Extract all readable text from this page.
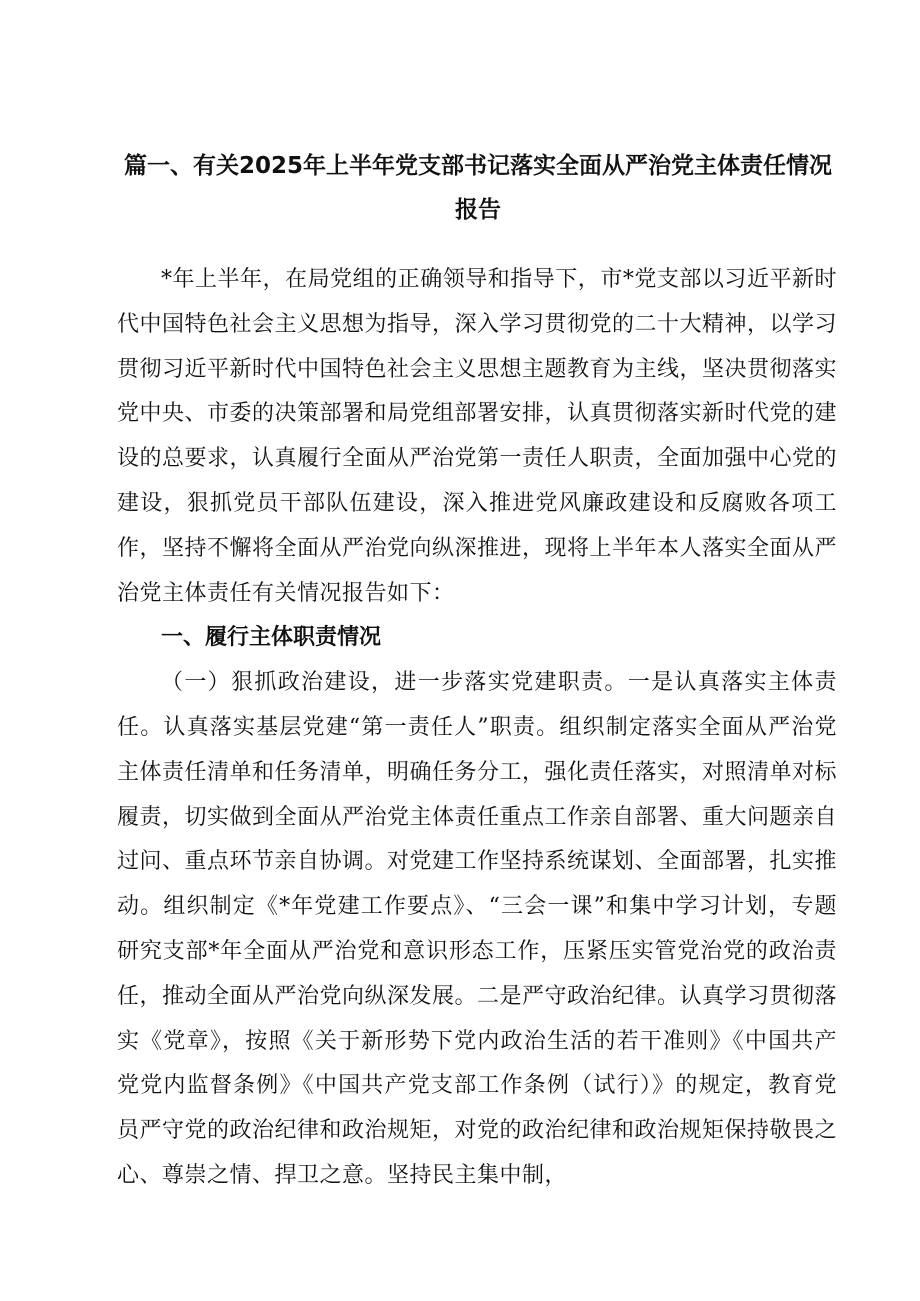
篇一、有关2025年上半年党支部书记落实全面从严治党主体责任情况报告

*年上半年，在局党组的正确领导和指导下，市*党支部以习近平新时代中国特色社会主义思想为指导，深入学习贯彻党的二十大精神，以学习贯彻习近平新时代中国特色社会主义思想主题教育为主线，坚决贯彻落实党中央、市委的决策部署和局党组部署安排，认真贯彻落实新时代党的建设的总要求，认真履行全面从严治党第一责任人职责，全面加强中心党的建设，狠抓党员干部队伍建设，深入推进党风廉政建设和反腐败各项工作，坚持不懈将全面从严治党向纵深推进，现将上半年本人落实全面从严治党主体责任有关情况报告如下：

一、履行主体职责情况

（一）狠抓政治建设，进一步落实党建职责。一是认真落实主体责任。认真落实基层党建“第一责任人”职责。组织制定落实全面从严治党主体责任清单和任务清单，明确任务分工，强化责任落实，对照清单对标履责，切实做到全面从严治党主体责任重点工作亲自部署、重大问题亲自过问、重点环节亲自协调。对党建工作坚持系统谋划、全面部署，扎实推动。组织制定《*年党建工作要点》、“三会一课”和集中学习计划，专题研究支部*年全面从严治党和意识形态工作，压紧压实管党治党的政治责任，推动全面从严治党向纵深发展。二是严守政治纪律。认真学习贯彻落实《党章》，按照《关于新形势下党内政治生活的若干准则》《中国共产党党内监督条例》《中国共产党支部工作条例（试行）》的规定，教育党员严守党的政治纪律和政治规矩，对党的政治纪律和政治规矩保持敬畏之心、尊崇之情、捍卫之意。坚持民主集中制，
